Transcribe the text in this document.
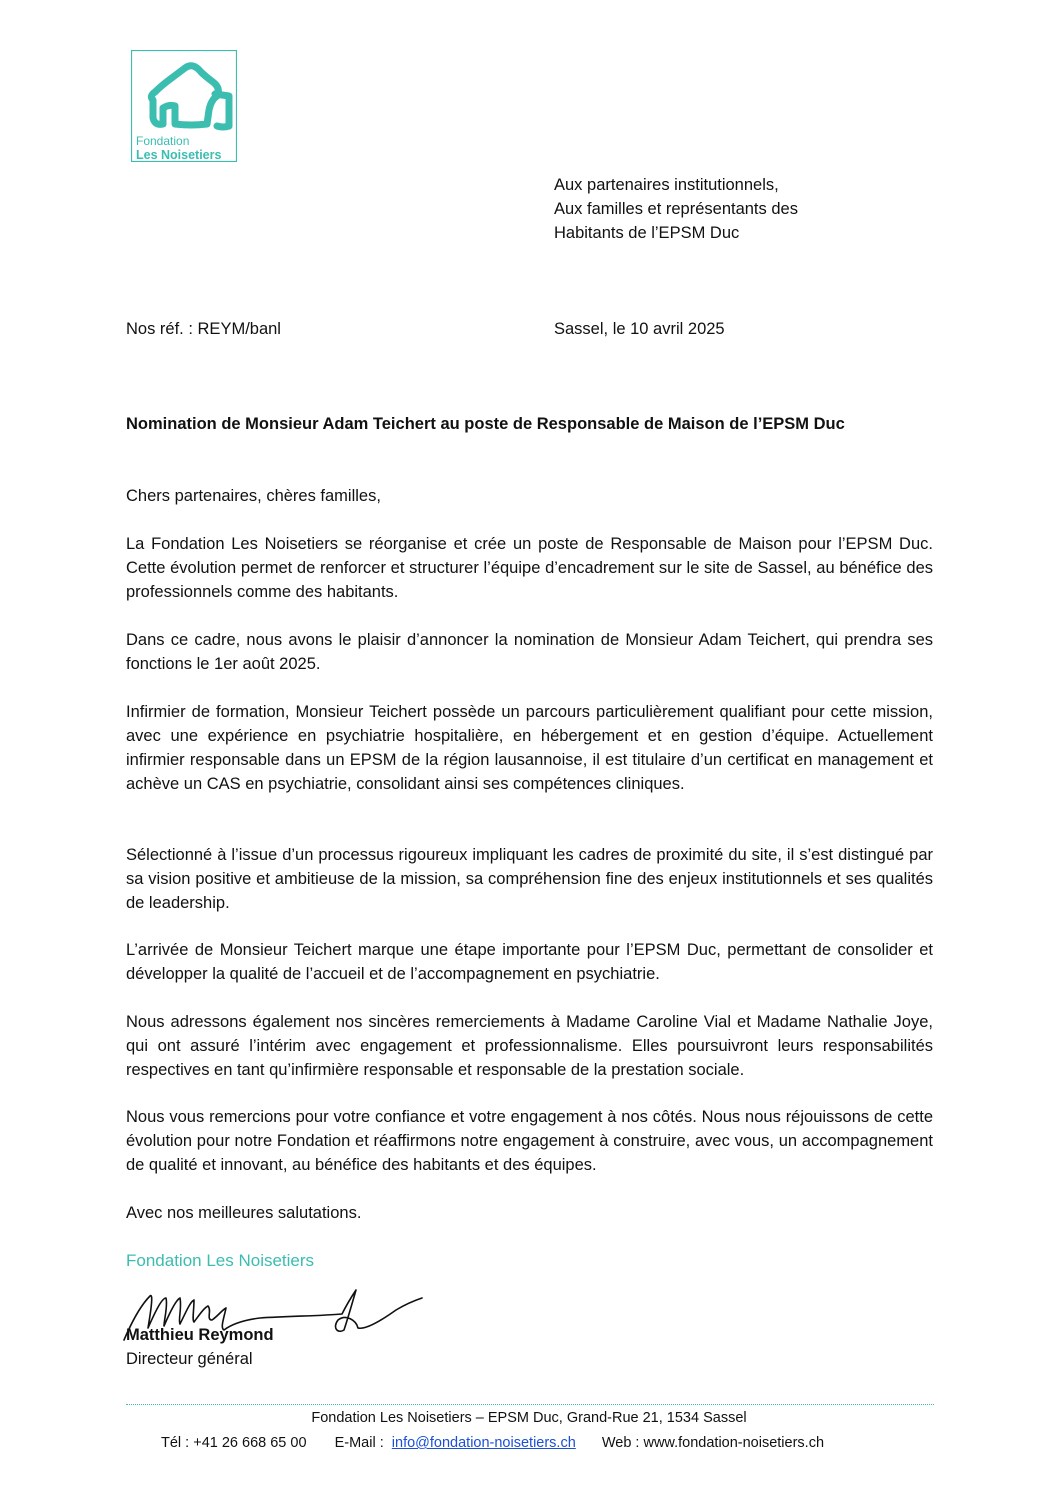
Fondation
Les Noisetiers
Aux partenaires institutionnels,
Aux familles et représentants des
Habitants de l’EPSM Duc
Nos réf. : REYM/banl	Sassel, le 10 avril 2025
Nomination de Monsieur Adam Teichert au poste de Responsable de Maison de l’EPSM Duc
Chers partenaires, chères familles,

La Fondation Les Noisetiers se réorganise et crée un poste de Responsable de Maison pour l’EPSM Duc. Cette évolution permet de renforcer et structurer l’équipe d’encadrement sur le site de Sassel, au bénéfice des professionnels comme des habitants.

Dans ce cadre, nous avons le plaisir d’annoncer la nomination de Monsieur Adam Teichert, qui prendra ses fonctions le 1er août 2025.

Infirmier de formation, Monsieur Teichert possède un parcours particulièrement qualifiant pour cette mission, avec une expérience en psychiatrie hospitalière, en hébergement et en gestion d’équipe. Actuellement infirmier responsable dans un EPSM de la région lausannoise, il est titulaire d’un certificat en management et achève un CAS en psychiatrie, consolidant ainsi ses compétences cliniques.

Sélectionné à l’issue d’un processus rigoureux impliquant les cadres de proximité du site, il s’est distingué par sa vision positive et ambitieuse de la mission, sa compréhension fine des enjeux institutionnels et ses qualités de leadership.

L’arrivée de Monsieur Teichert marque une étape importante pour l’EPSM Duc, permettant de consolider et développer la qualité de l’accueil et de l’accompagnement en psychiatrie.

Nous adressons également nos sincères remerciements à Madame Caroline Vial et Madame Nathalie Joye, qui ont assuré l’intérim avec engagement et professionnalisme. Elles poursuivront leurs responsabilités respectives en tant qu’infirmière responsable et responsable de la prestation sociale.

Nous vous remercions pour votre confiance et votre engagement à nos côtés. Nous nous réjouissons de cette évolution pour notre Fondation et réaffirmons notre engagement à construire, avec vous, un accompagnement de qualité et innovant, au bénéfice des habitants et des équipes.

Avec nos meilleures salutations.
Fondation Les Noisetiers
Matthieu Reymond
Directeur général
Fondation Les Noisetiers – EPSM Duc, Grand-Rue 21, 1534 Sassel
Tél : +41 26 668 65 00 E-Mail : info@fondation-noisetiers.ch Web : www.fondation-noisetiers.ch
